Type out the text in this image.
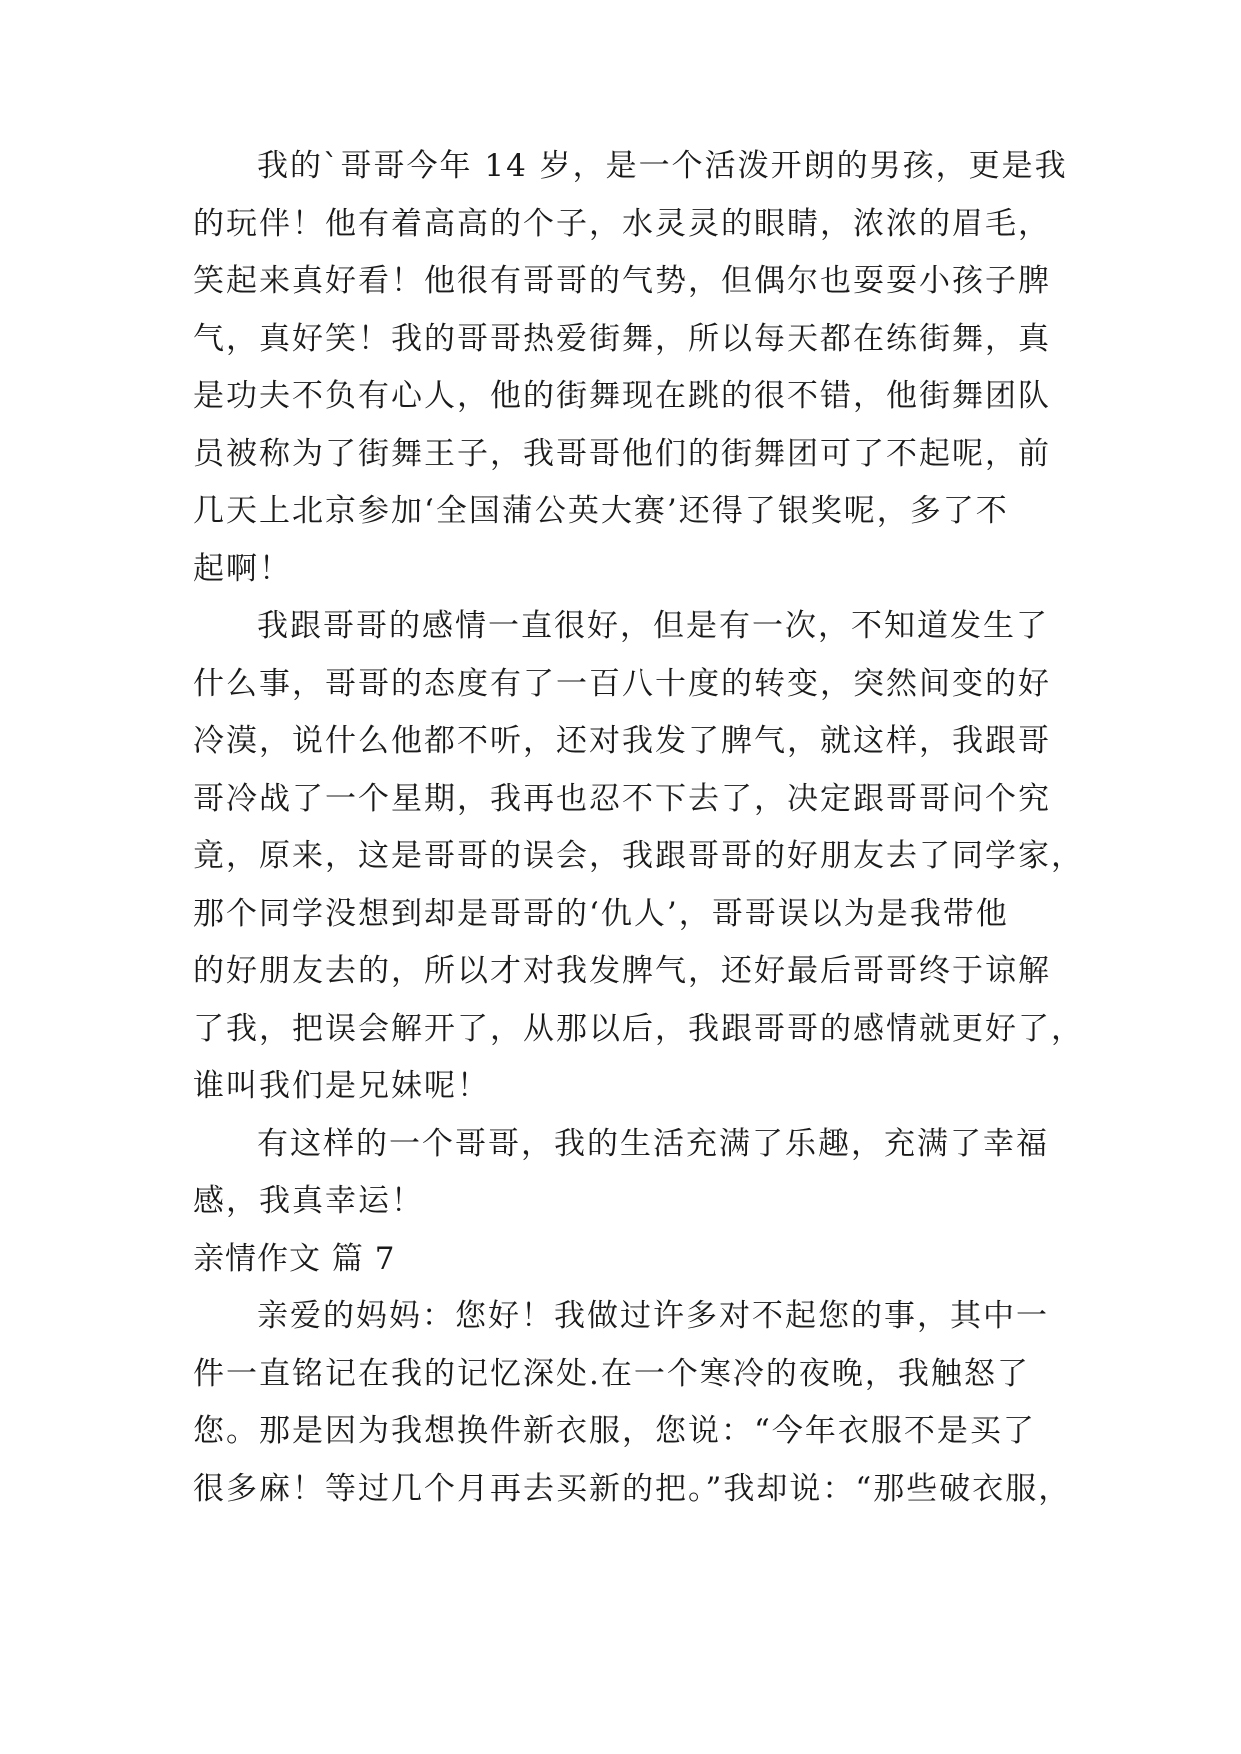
我的`哥哥今年 14 岁，是一个活泼开朗的男孩，更是我
的玩伴！他有着高高的个子，水灵灵的眼睛，浓浓的眉毛，
笑起来真好看！他很有哥哥的气势，但偶尔也耍耍小孩子脾
气，真好笑！我的哥哥热爱街舞，所以每天都在练街舞，真
是功夫不负有心人，他的街舞现在跳的很不错，他街舞团队
员被称为了街舞王子，我哥哥他们的街舞团可了不起呢，前
几天上北京参加‘全国蒲公英大赛’还得了银奖呢，多了不
起啊！
我跟哥哥的感情一直很好，但是有一次，不知道发生了
什么事，哥哥的态度有了一百八十度的转变，突然间变的好
冷漠，说什么他都不听，还对我发了脾气，就这样，我跟哥
哥冷战了一个星期，我再也忍不下去了，决定跟哥哥问个究
竟，原来，这是哥哥的误会，我跟哥哥的好朋友去了同学家，
那个同学没想到却是哥哥的‘仇人’，哥哥误以为是我带他
的好朋友去的，所以才对我发脾气，还好最后哥哥终于谅解
了我，把误会解开了，从那以后，我跟哥哥的感情就更好了，
谁叫我们是兄妹呢！
有这样的一个哥哥，我的生活充满了乐趣，充满了幸福
感，我真幸运！
亲情作文 篇 7
亲爱的妈妈：您好！我做过许多对不起您的事，其中一
件一直铭记在我的记忆深处.在一个寒冷的夜晚，我触怒了
您。那是因为我想换件新衣服，您说：“今年衣服不是买了
很多麻！等过几个月再去买新的把。”我却说：“那些破衣服，
